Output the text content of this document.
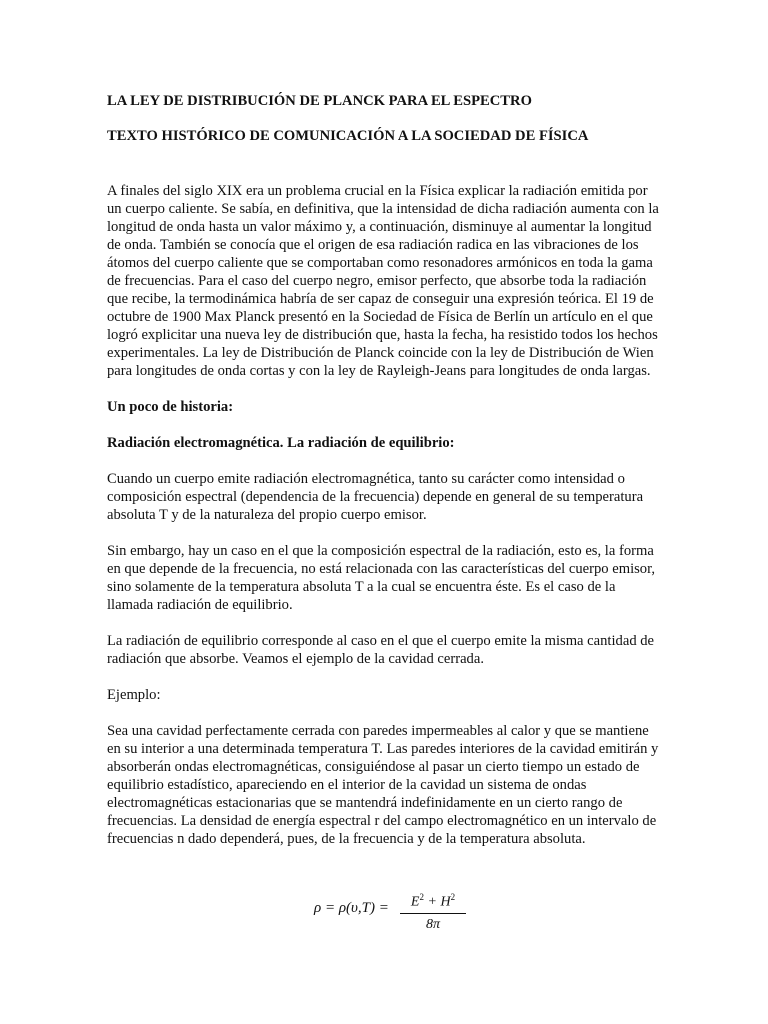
LA LEY DE DISTRIBUCIÓN DE PLANCK PARA EL ESPECTRO

TEXTO HISTÓRICO DE COMUNICACIÓN A LA SOCIEDAD DE FÍSICA

A finales del siglo XIX era un problema crucial en la Física explicar la radiación emitida por un cuerpo caliente. Se sabía, en definitiva, que la intensidad de dicha radiación aumenta con la longitud de onda hasta un valor máximo y, a continuación, disminuye al aumentar la longitud de onda. También se conocía que el origen de esa radiación radica en las vibraciones de los átomos del cuerpo caliente que se comportaban como resonadores armónicos en toda la gama de frecuencias. Para el caso del cuerpo negro, emisor perfecto, que absorbe toda la radiación que recibe, la termodinámica habría de ser capaz de conseguir una expresión teórica. El 19 de octubre de 1900 Max Planck presentó en la Sociedad de Física de Berlín un artículo en el que logró explicitar una nueva ley de distribución que, hasta la fecha, ha resistido todos los hechos experimentales. La ley de Distribución de Planck coincide con la ley de Distribución de Wien para longitudes de onda cortas y con la ley de Rayleigh-Jeans para longitudes de onda largas.

Un poco de historia:

Radiación electromagnética. La radiación de equilibrio:

Cuando un cuerpo emite radiación electromagnética, tanto su carácter como intensidad o composición espectral (dependencia de la frecuencia) depende en general de su temperatura absoluta T y de la naturaleza del propio cuerpo emisor.

Sin embargo, hay un caso en el que la composición espectral de la radiación, esto es, la forma en que depende de la frecuencia, no está relacionada con las características del cuerpo emisor, sino solamente de la temperatura absoluta T a la cual se encuentra éste. Es el caso de la llamada radiación de equilibrio.

La radiación de equilibrio corresponde al caso en el que el cuerpo emite la misma cantidad de radiación que absorbe. Veamos el ejemplo de la cavidad cerrada.

Ejemplo:

Sea una cavidad perfectamente cerrada con paredes impermeables al calor y que se mantiene en su interior a una determinada temperatura T. Las paredes interiores de la cavidad emitirán y absorberán ondas electromagnéticas, consiguiéndose al pasar un cierto tiempo un estado de equilibrio estadístico, apareciendo en el interior de la cavidad un sistema de ondas electromagnéticas estacionarias que se mantendrá indefinidamente en un cierto rango de frecuencias. La densidad de energía espectral r del campo electromagnético en un intervalo de frecuencias n dado dependerá, pues, de la frecuencia y de la temperatura absoluta.

ρ = ρ(υ,T) =	$E^2 + H^2$
8π
